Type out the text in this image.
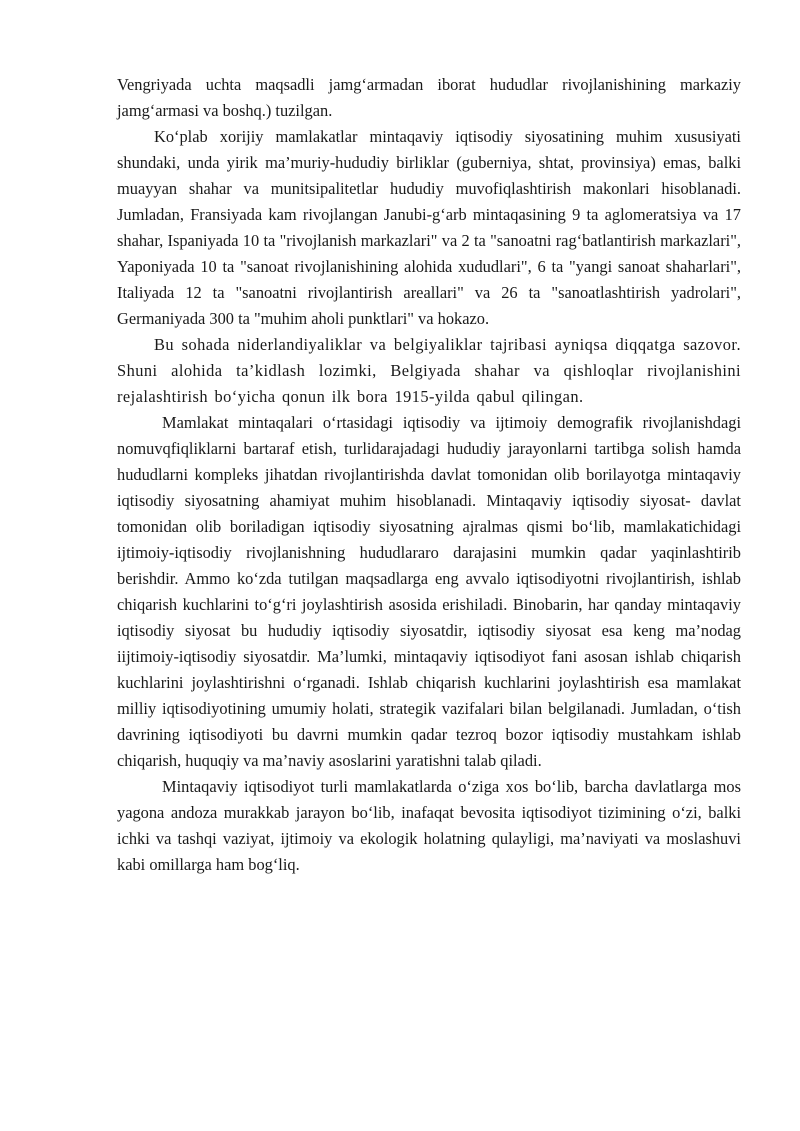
Vengriyada uchta maqsadli jamg‘armadan iborat hududlar rivojlanishining markaziy jamg‘armasi va boshq.) tuzilgan.

Ko‘plab xorijiy mamlakatlar mintaqaviy iqtisodiy siyosatining muhim xususiyati shundaki, unda yirik ma’muriy-hududiy birliklar (guberniya, shtat, provinsiya) emas, balki muayyan shahar va munitsipalitetlar hududiy muvofiqlashtirish makonlari hisoblanadi. Jumladan, Fransiyada kam rivojlangan Janubi-g‘arb mintaqasining 9 ta aglomeratsiya va 17 shahar, Ispaniyada 10 ta "rivojlanish markazlari" va 2 ta "sanoatni rag‘batlantirish markazlari", Yaponiyada 10 ta "sanoat rivojlanishining alohida xududlari", 6 ta "yangi sanoat shaharlari", Italiyada 12 ta "sanoatni rivojlantirish areallari" va 26 ta "sanoatlashtirish yadrolari", Germaniyada 300 ta "muhim aholi punktlari" va hokazo.

Bu sohada niderlandiyaliklar va belgiyaliklar tajribasi ayniqsa diqqatga sazovor. Shuni alohida ta’kidlash lozimki, Belgiyada shahar va qishloqlar rivojlanishini rejalashtirish bo‘yicha qonun ilk bora 1915-yilda qabul qilingan.

Mamlakat mintaqalari o‘rtasidagi iqtisodiy va ijtimoiy demografik rivojlanishdagi nomuvqfiqliklarni bartaraf etish, turlidarajadagi hududiy jarayonlarni tartibga solish hamda hududlarni kompleks jihatdan rivojlantirishda davlat tomonidan olib borilayotga mintaqaviy iqtisodiy siyosatning ahamiyat muhim hisoblanadi. Mintaqaviy iqtisodiy siyosat- davlat tomonidan olib boriladigan iqtisodiy siyosatning ajralmas qismi bo‘lib, mamlakatichidagi ijtimoiy-iqtisodiy rivojlanishning hududlararo darajasini mumkin qadar yaqinlashtirib berishdir. Ammo ko‘zda tutilgan maqsadlarga eng avvalo iqtisodiyotni rivojlantirish, ishlab chiqarish kuchlarini to‘g‘ri joylashtirish asosida erishiladi. Binobarin, har qanday mintaqaviy iqtisodiy siyosat bu hududiy iqtisodiy siyosatdir, iqtisodiy siyosat esa keng ma’nodag iijtimoiy-iqtisodiy siyosatdir. Ma’lumki, mintaqaviy iqtisodiyot fani asosan ishlab chiqarish kuchlarini joylashtirishni o‘rganadi. Ishlab chiqarish kuchlarini joylashtirish esa mamlakat milliy iqtisodiyotining umumiy holati, strategik vazifalari bilan belgilanadi. Jumladan, o‘tish davrining iqtisodiyoti bu davrni mumkin qadar tezroq bozor iqtisodiy mustahkam ishlab chiqarish, huquqiy va ma’naviy asoslarini yaratishni talab qiladi.

Mintaqaviy iqtisodiyot turli mamlakatlarda o‘ziga xos bo‘lib, barcha davlatlarga mos yagona andoza murakkab jarayon bo‘lib, inafaqat bevosita iqtisodiyot tizimining o‘zi, balki ichki va tashqi vaziyat, ijtimoiy va ekologik holatning qulayligi, ma’naviyati va moslashuvi kabi omillarga ham bog‘liq.
